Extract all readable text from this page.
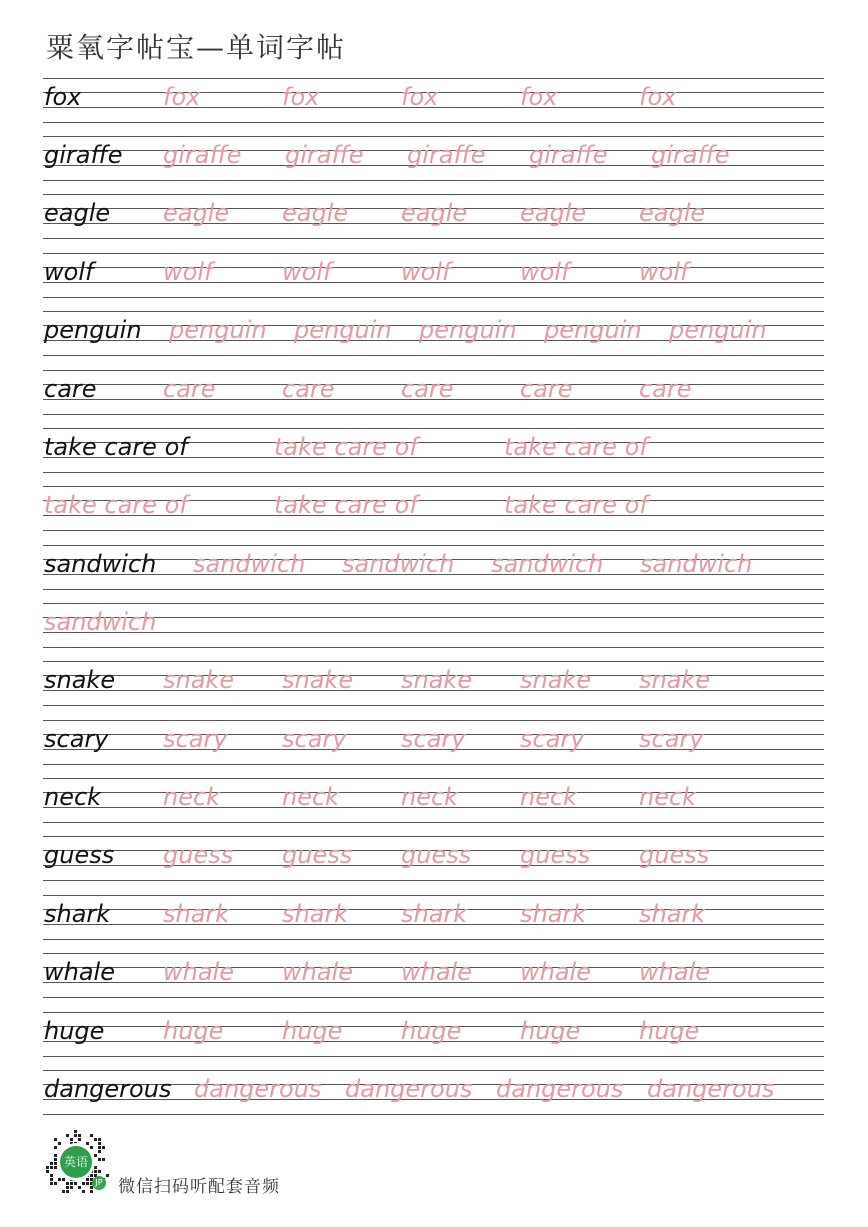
粟氧字帖宝—单词字帖
fox	fox	fox	fox	fox	fox
giraffe giraffe giraffe giraffe giraffe giraffe
eagle eagle eagle eagle eagle eagle
wolf	wolf	wolf	wolf	wolf	wolf
penguin penguin penguin penguin penguin penguin
care	care	care	care	care	care
take care of	take care of	take care of
take care of	take care of	take care of
sandwich sandwich sandwich sandwich sandwich
sandwich
snake snake snake snake snake snake
scary scary scary scary scary scary
neck	neck	neck	neck	neck	neck
guess guess guess guess guess guess
shark shark shark shark shark shark
whale whale whale whale whale whale
huge huge huge huge huge huge
dangerous dangerous dangerous dangerous dangerous
英语
JP 微信扫码听配套音频
